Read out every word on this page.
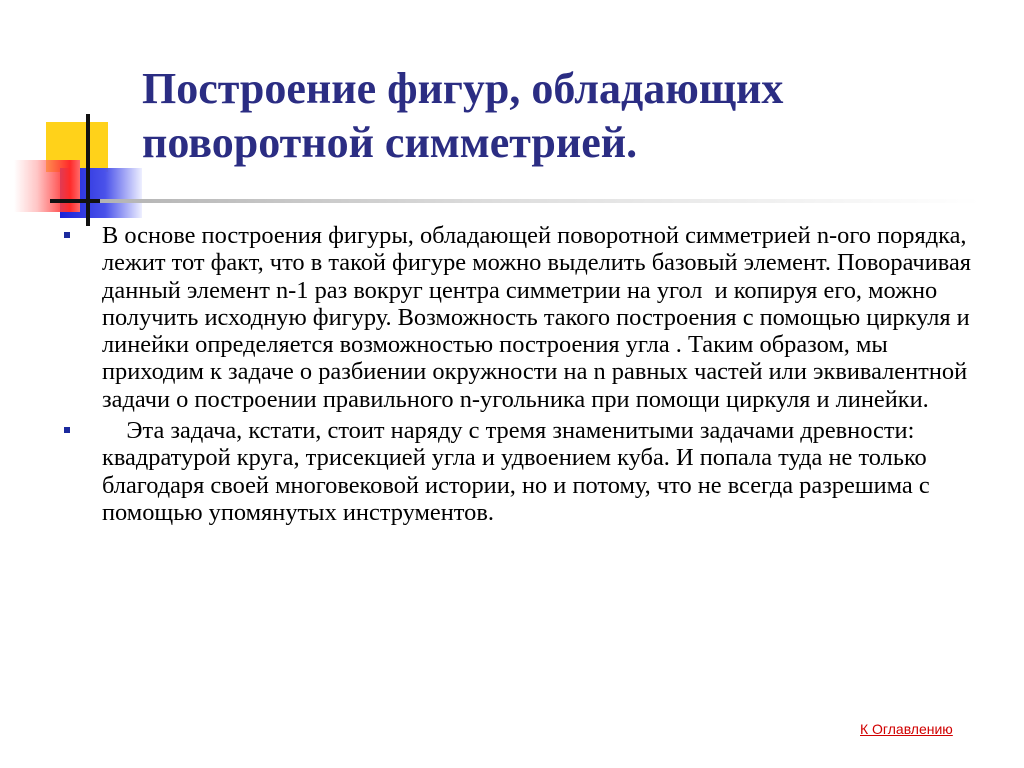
Построение фигур, обладающих поворотной симметрией.
В основе построения фигуры, обладающей поворотной симметрией n-ого порядка, лежит тот факт, что в такой фигуре можно выделить базовый элемент. Поворачивая данный элемент n-1 раз вокруг центра симметрии на угол  и копируя его, можно получить исходную фигуру. Возможность такого построения с помощью циркуля и линейки определяется возможностью построения угла . Таким образом, мы приходим к задаче о разбиении окружности на n равных частей или эквивалентной задачи о построении правильного n-угольника при помощи циркуля и линейки.
Эта задача, кстати, стоит наряду с тремя знаменитыми задачами древности: квадратурой круга, трисекцией угла и удвоением куба. И попала туда не только благодаря своей многовековой истории, но и потому, что не всегда разрешима с помощью упомянутых инструментов.
К Оглавлению
